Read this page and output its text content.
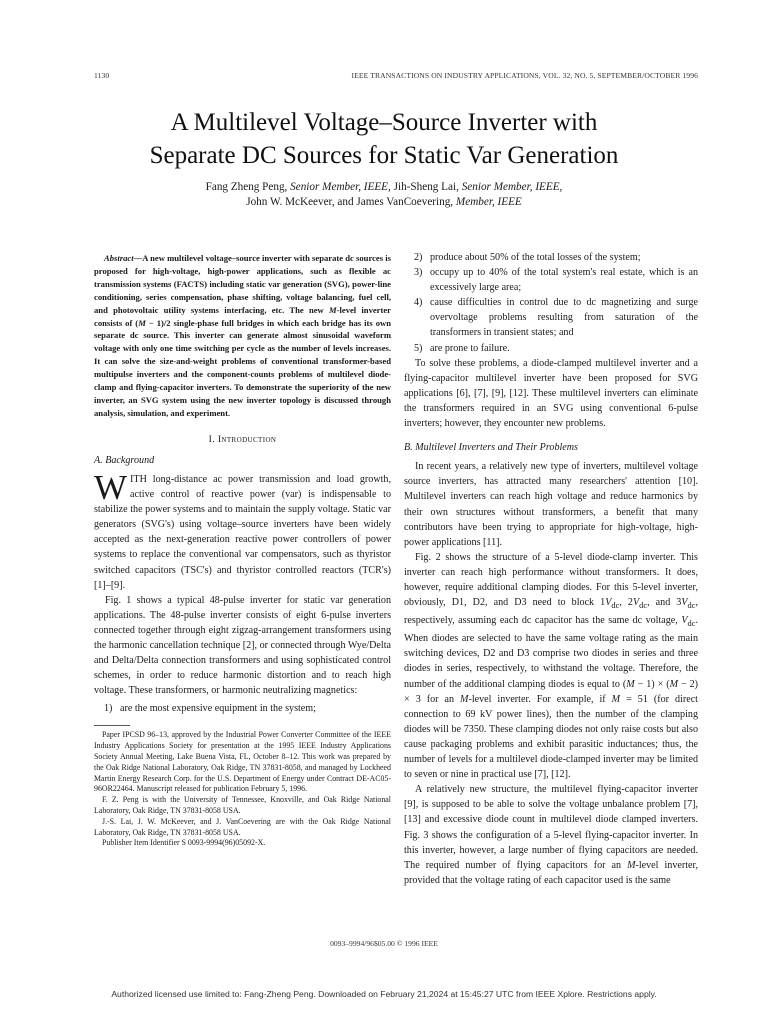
1130	IEEE TRANSACTIONS ON INDUSTRY APPLICATIONS, VOL. 32, NO. 5, SEPTEMBER/OCTOBER 1996
A Multilevel Voltage–Source Inverter with
Separate DC Sources for Static Var Generation
Fang Zheng Peng, Senior Member, IEEE, Jih-Sheng Lai, Senior Member, IEEE,
John W. McKeever, and James VanCoevering, Member, IEEE

Abstract—A new multilevel voltage–source inverter with separate dc sources is proposed for high-voltage, high-power applications, such as flexible ac transmission systems (FACTS) including static var generation (SVG), power-line conditioning, series compensation, phase shifting, voltage balancing, fuel cell, and photovoltaic utility systems interfacing, etc. The new M-level inverter consists of (M − 1)/2 single-phase full bridges in which each bridge has its own separate dc source. This inverter can generate almost sinusoidal waveform voltage with only one time switching per cycle as the number of levels increases. It can solve the size-and-weight problems of conventional transformer-based multipulse inverters and the component-counts problems of multilevel diode-clamp and flying-capacitor inverters. To demonstrate the superiority of the new inverter, an SVG system using the new inverter topology is discussed through analysis, simulation, and experiment.

I. Introduction

A. Background

WITH long-distance ac power transmission and load growth, active control of reactive power (var) is indispensable to stabilize the power systems and to maintain the supply voltage. Static var generators (SVG's) using voltage–source inverters have been widely accepted as the next-generation reactive power controllers of power systems to replace the conventional var compensators, such as thyristor switched capacitors (TSC's) and thyristor controlled reactors (TCR's) [1]–[9].

Fig. 1 shows a typical 48-pulse inverter for static var generation applications. The 48-pulse inverter consists of eight 6-pulse inverters connected together through eight zigzag-arrangement transformers using the harmonic cancellation technique [2], or connected through Wye/Delta and Delta/Delta connection transformers and using sophisticated control schemes, in order to reduce harmonic distortion and to reach high voltage. These transformers, or harmonic neutralizing magnetics:

1) are the most expensive equipment in the system;

Paper IPCSD 96–13, approved by the Industrial Power Converter Committee of the IEEE Industry Applications Society for presentation at the 1995 IEEE Industry Applications Society Annual Meeting, Lake Buena Vista, FL, October 8–12. This work was prepared by the Oak Ridge National Laboratory, Oak Ridge, TN 37831-8058, and managed by Lockheed Martin Energy Research Corp. for the U.S. Department of Energy under Contract DE-AC05-96OR22464. Manuscript released for publication February 5, 1996.

F. Z. Peng is with the University of Tennessee, Knoxville, and Oak Ridge National Laboratory, Oak Ridge, TN 37831-8058 USA.

J.-S. Lai, J. W. McKeever, and J. VanCoevering are with the Oak Ridge National Laboratory, Oak Ridge, TN 37831-8058 USA.

Publisher Item Identifier S 0093-9994(96)05092-X.

2) produce about 50% of the total losses of the system;
3) occupy up to 40% of the total system's real estate, which is an excessively large area;
4) cause difficulties in control due to dc magnetizing and surge overvoltage problems resulting from saturation of the transformers in transient states; and
5) are prone to failure.

To solve these problems, a diode-clamped multilevel inverter and a flying-capacitor multilevel inverter have been proposed for SVG applications [6], [7], [9], [12]. These multilevel inverters can eliminate the transformers required in an SVG using conventional 6-pulse inverters; however, they encounter new problems.

B. Multilevel Inverters and Their Problems

In recent years, a relatively new type of inverters, multilevel voltage source inverters, has attracted many researchers' attention [10]. Multilevel inverters can reach high voltage and reduce harmonics by their own structures without transformers, a benefit that many contributors have been trying to appropriate for high-voltage, high-power applications [11].

Fig. 2 shows the structure of a 5-level diode-clamp inverter. This inverter can reach high performance without transformers. It does, however, require additional clamping diodes. For this 5-level inverter, obviously, D1, D2, and D3 need to block $1V_{dc}$, $2V_{dc}$, and $3V_{dc}$, respectively, assuming each dc capacitor has the same dc voltage, $V_{dc}$. When diodes are selected to have the same voltage rating as the main switching devices, D2 and D3 comprise two diodes in series and three diodes in series, respectively, to withstand the voltage. Therefore, the number of the additional clamping diodes is equal to (M − 1) × (M − 2) × 3 for an M-level inverter. For example, if M = 51 (for direct connection to 69 kV power lines), then the number of the clamping diodes will be 7350. These clamping diodes not only raise costs but also cause packaging problems and exhibit parasitic inductances; thus, the number of levels for a multilevel diode-clamped inverter may be limited to seven or nine in practical use [7], [12].

A relatively new structure, the multilevel flying-capacitor inverter [9], is supposed to be able to solve the voltage unbalance problem [7], [13] and excessive diode count in multilevel diode clamped inverters. Fig. 3 shows the configuration of a 5-level flying-capacitor inverter. In this inverter, however, a large number of flying capacitors are needed. The required number of flying capacitors for an M-level inverter, provided that the voltage rating of each capacitor used is the same

0093–9994/96$05.00 © 1996 IEEE
Authorized licensed use limited to: Fang-Zheng Peng. Downloaded on February 21,2024 at 15:45:27 UTC from IEEE Xplore. Restrictions apply.
